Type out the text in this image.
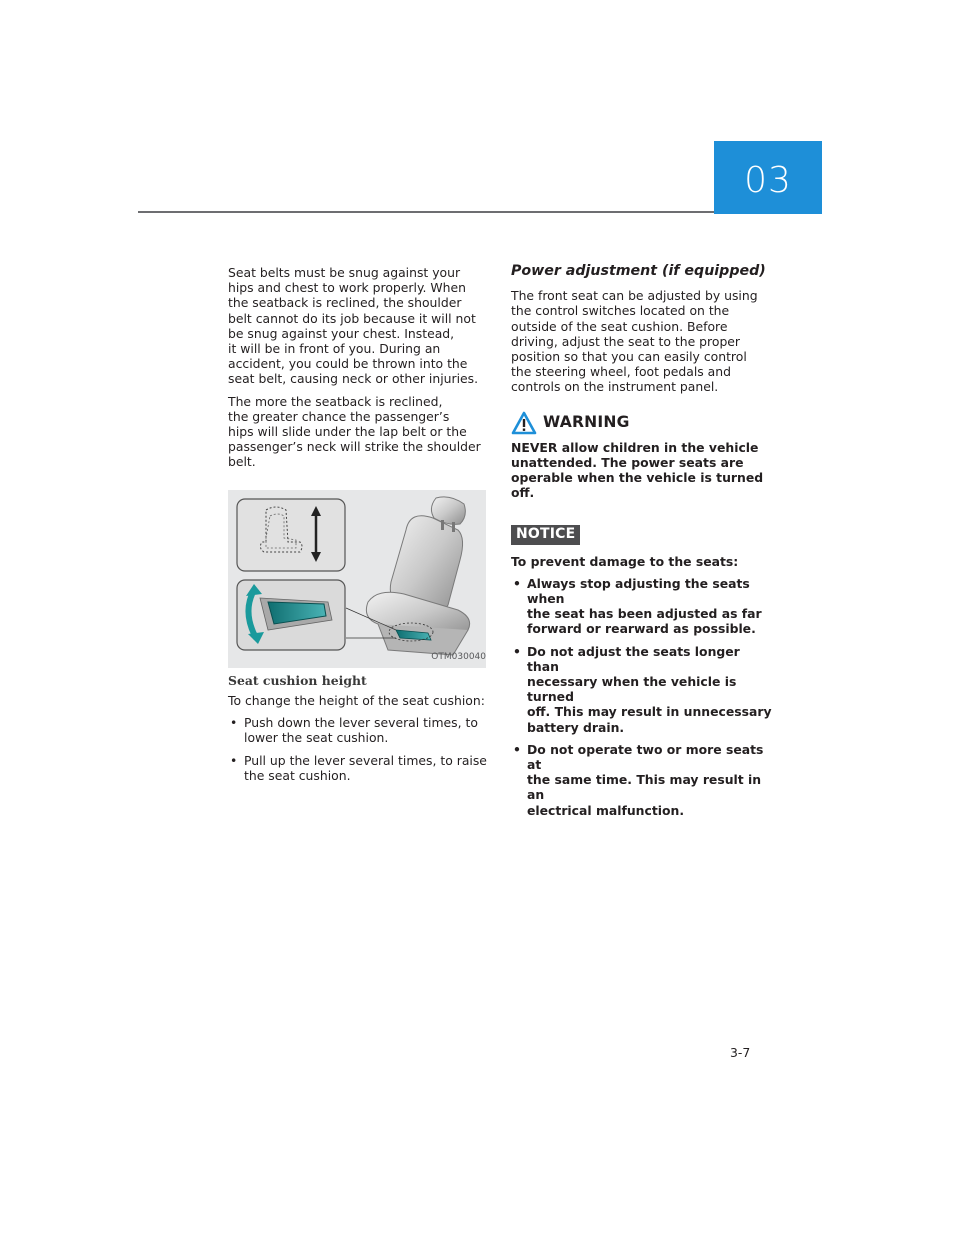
03

Seat belts must be snug against your
hips and chest to work properly. When
the seatback is reclined, the shoulder
belt cannot do its job because it will not
be snug against your chest. Instead,
it will be in front of you. During an
accident, you could be thrown into the
seat belt, causing neck or other injuries.

The more the seatback is reclined,
the greater chance the passenger’s
hips will slide under the lap belt or the
passenger’s neck will strike the shoulder
belt.

OTM030040
Seat cushion height

To change the height of the seat cushion:

• Push down the lever several times, to
lower the seat cushion.
• Pull up the lever several times, to raise
the seat cushion.
Power adjustment (if equipped)

The front seat can be adjusted by using
the control switches located on the
outside of the seat cushion. Before
driving, adjust the seat to the proper
position so that you can easily control
the steering wheel, foot pedals and
controls on the instrument panel.

WARNING

NEVER allow children in the vehicle
unattended. The power seats are
operable when the vehicle is turned off.

NOTICE

To prevent damage to the seats:

• Always stop adjusting the seats when
the seat has been adjusted as far
forward or rearward as possible.
• Do not adjust the seats longer than
necessary when the vehicle is turned
off. This may result in unnecessary
battery drain.
• Do not operate two or more seats at
the same time. This may result in an
electrical malfunction.
3-7
